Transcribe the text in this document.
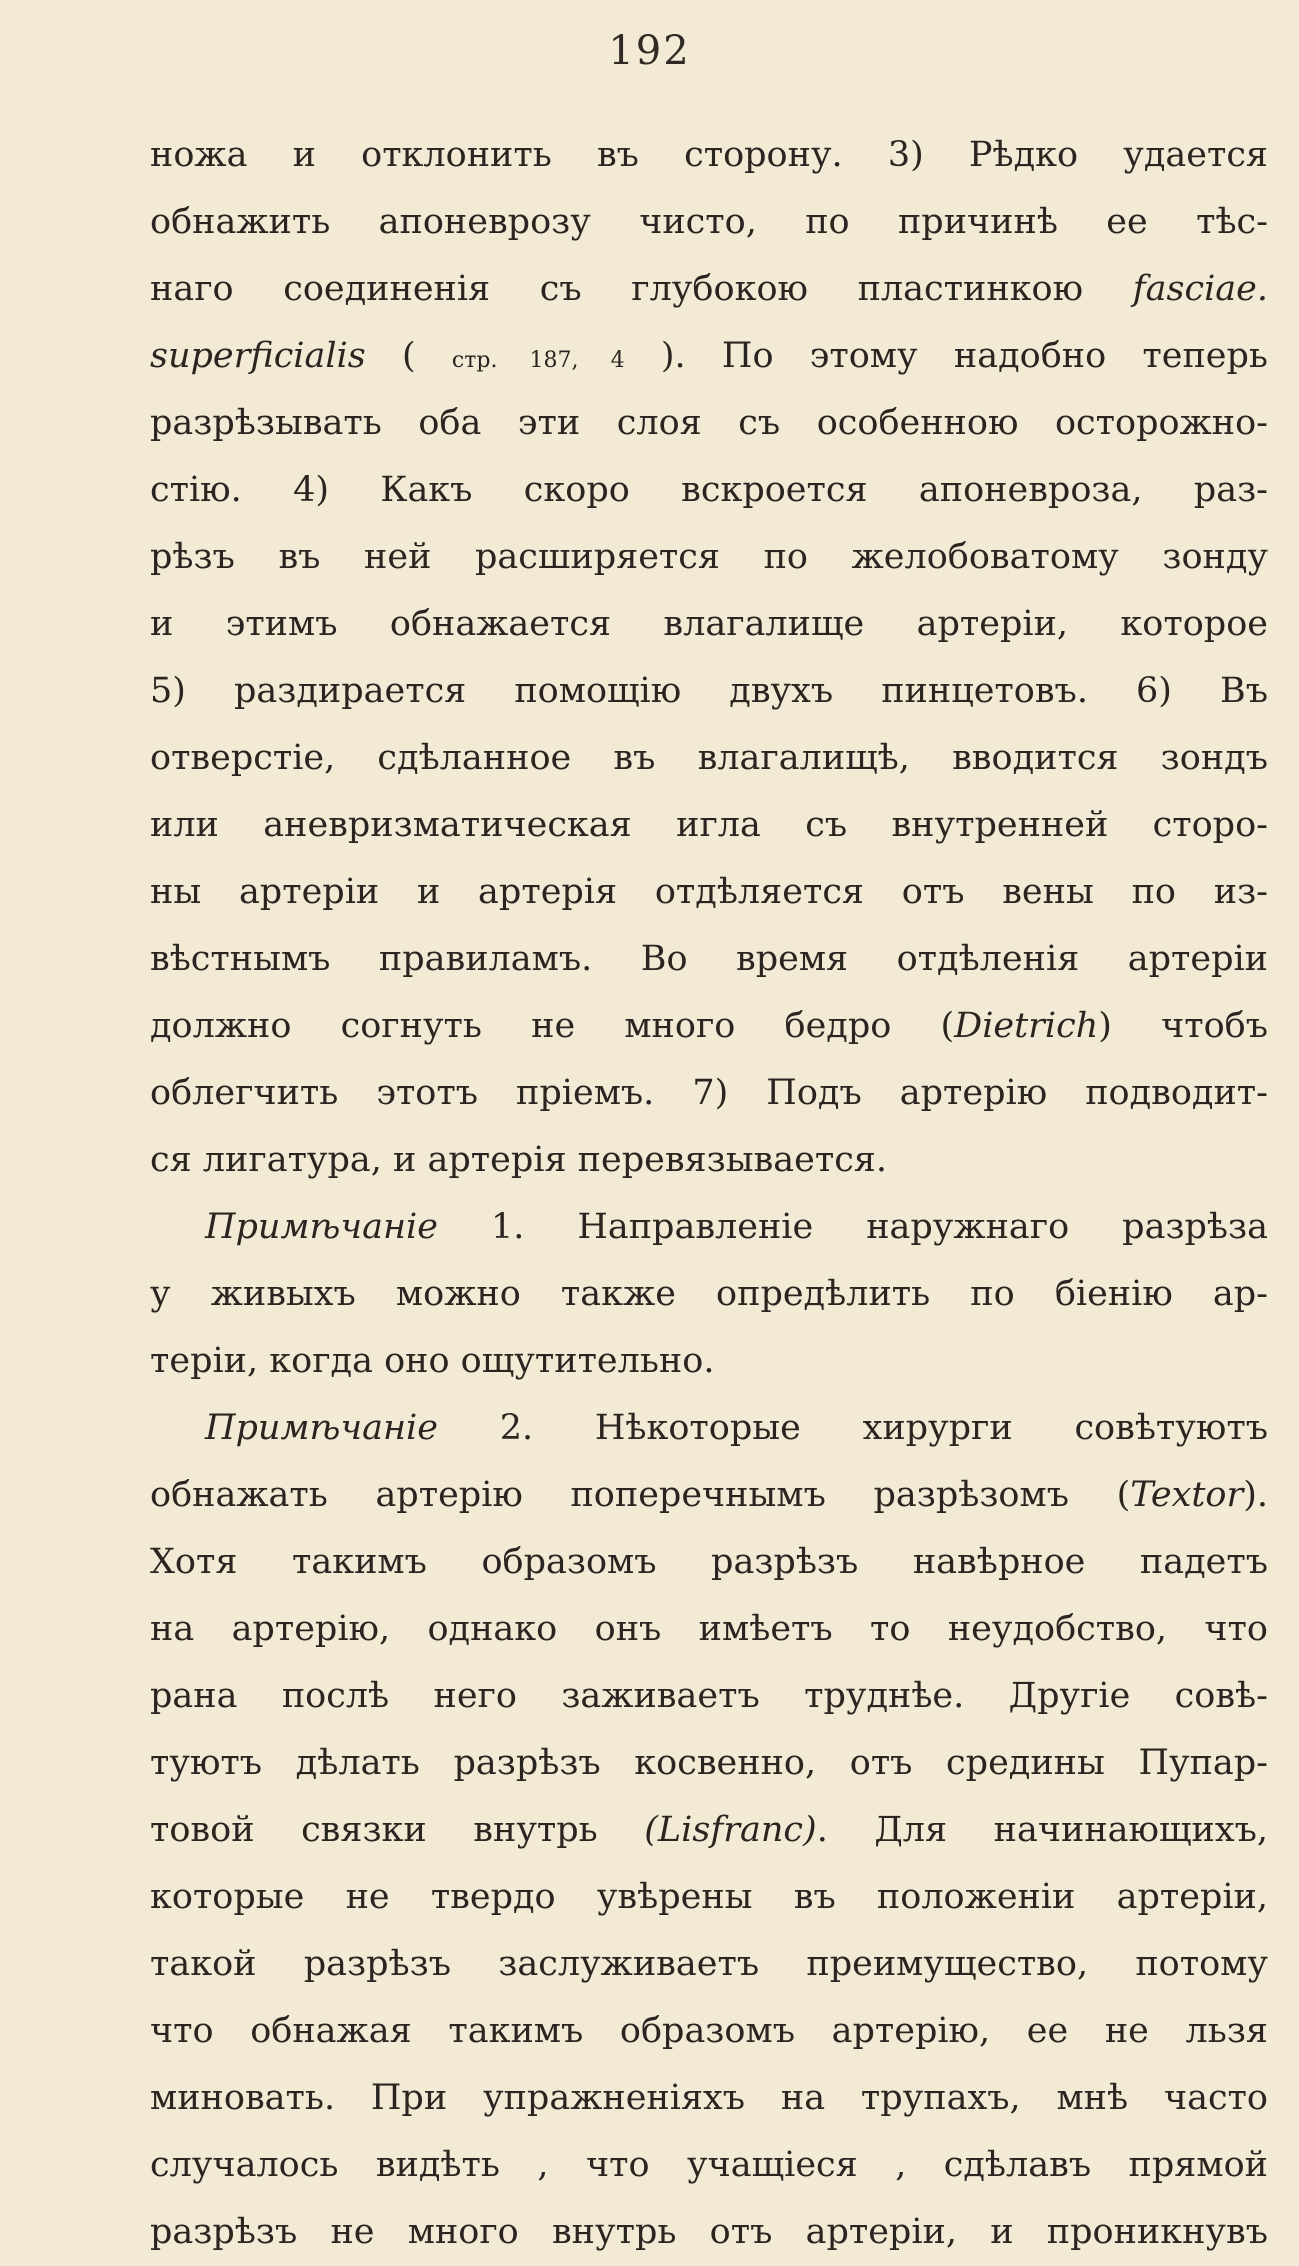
192
ножа и отклонить въ сторону. 3) Рѣдко удается
обнажить апоневрозу чисто, по причинѣ ее тѣс-
наго соединенія съ глубокою пластинкою fasciae.
superficialis ( стр. 187, 4 ). По этому надобно теперь
разрѣзывать оба эти слоя съ особенною осторожно-
стію. 4) Какъ скоро вскроется апоневроза, раз-
рѣзъ въ ней расширяется по желобоватому зонду
и этимъ обнажается влагалище артеріи, которое
5) раздирается помощію двухъ пинцетовъ. 6) Въ
отверстіе, сдѣланное въ влагалищѣ, вводится зондъ
или аневризматическая игла съ внутренней сторо-
ны артеріи и артерія отдѣляется отъ вены по из-
вѣстнымъ правиламъ. Во время отдѣленія артеріи
должно согнуть не много бедро (Dietrich) чтобъ
облегчить этотъ пріемъ. 7) Подъ артерію подводит-
ся лигатура, и артерія перевязывается.
Примѣчаніе 1. Направленіе наружнаго разрѣза
у живыхъ можно также опредѣлить по біенію ар-
теріи, когда оно ощутительно.
Примѣчаніе 2. Нѣкоторые хирурги совѣтуютъ
обнажать артерію поперечнымъ разрѣзомъ (Textor).
Хотя такимъ образомъ разрѣзъ навѣрное падетъ
на артерію, однако онъ имѣетъ то неудобство, что
рана послѣ него заживаетъ труднѣе. Другіе совѣ-
туютъ дѣлать разрѣзъ косвенно, отъ средины Пупар-
товой связки внутрь (Lisfranc). Для начинающихъ,
которые не твердо увѣрены въ положеніи артеріи,
такой разрѣзъ заслуживаетъ преимущество, потому
что обнажая такимъ образомъ артерію, ее не льзя
миновать. При упражненіяхъ на трупахъ, мнѣ часто
случалось видѣть , что учащіеся , сдѣлавъ прямой
разрѣзъ не много внутрь отъ артеріи, и проникнувъ
